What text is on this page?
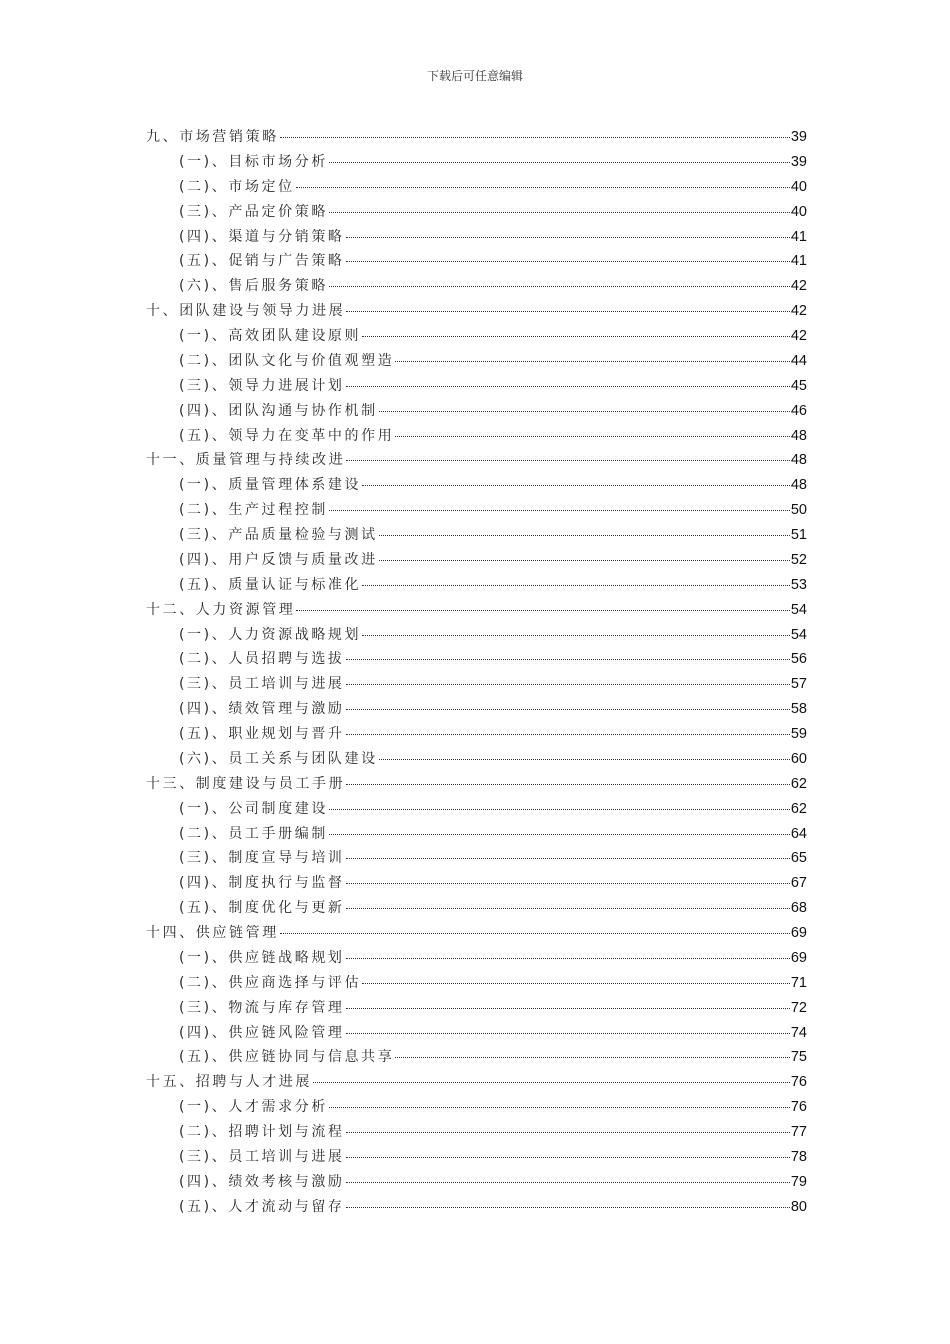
下载后可任意编辑
九、市场营销策略	39
(一)、目标市场分析	39
(二)、市场定位	40
(三)、产品定价策略	40
(四)、渠道与分销策略	41
(五)、促销与广告策略	41
(六)、售后服务策略	42
十、团队建设与领导力进展	42
(一)、高效团队建设原则	42
(二)、团队文化与价值观塑造	44
(三)、领导力进展计划	45
(四)、团队沟通与协作机制	46
(五)、领导力在变革中的作用	48
十一、质量管理与持续改进	48
(一)、质量管理体系建设	48
(二)、生产过程控制	50
(三)、产品质量检验与测试	51
(四)、用户反馈与质量改进	52
(五)、质量认证与标准化	53
十二、人力资源管理	54
(一)、人力资源战略规划	54
(二)、人员招聘与选拔	56
(三)、员工培训与进展	57
(四)、绩效管理与激励	58
(五)、职业规划与晋升	59
(六)、员工关系与团队建设	60
十三、制度建设与员工手册	62
(一)、公司制度建设	62
(二)、员工手册编制	64
(三)、制度宣导与培训	65
(四)、制度执行与监督	67
(五)、制度优化与更新	68
十四、供应链管理	69
(一)、供应链战略规划	69
(二)、供应商选择与评估	71
(三)、物流与库存管理	72
(四)、供应链风险管理	74
(五)、供应链协同与信息共享	75
十五、招聘与人才进展	76
(一)、人才需求分析	76
(二)、招聘计划与流程	77
(三)、员工培训与进展	78
(四)、绩效考核与激励	79
(五)、人才流动与留存	80
